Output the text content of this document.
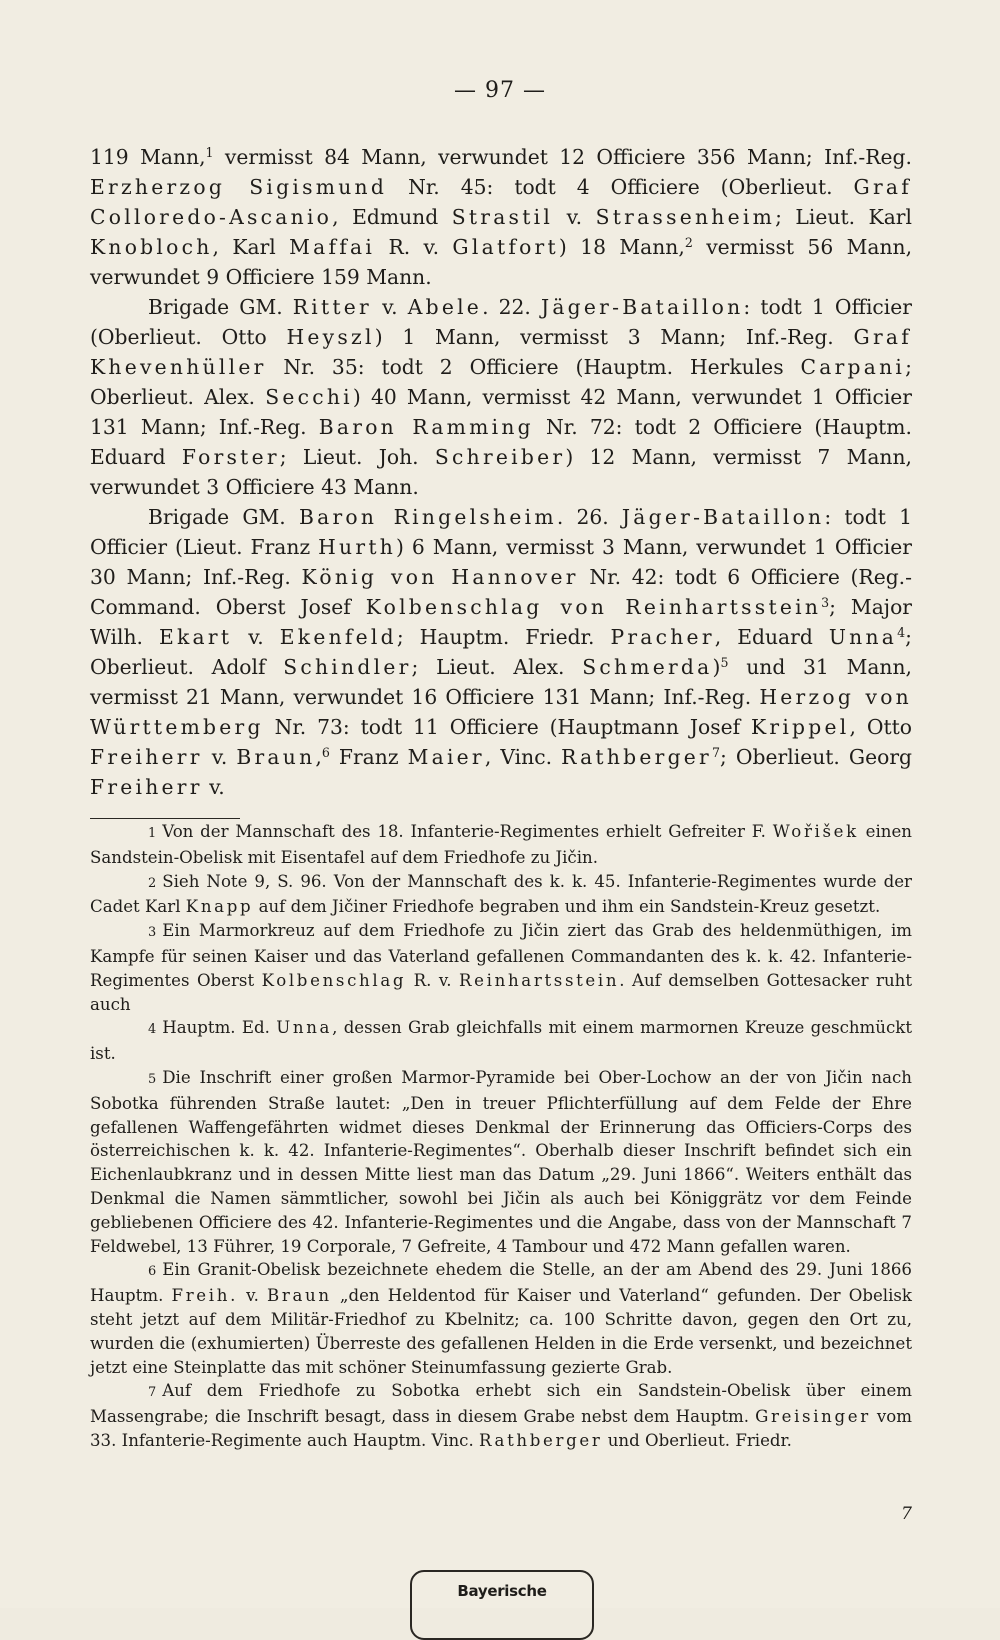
— 97 —

119 Mann,$^1$ vermisst 84 Mann, verwundet 12 Officiere 356 Mann; Inf.-Reg. Erzherzog Sigismund Nr. 45: todt 4 Officiere (Oberlieut. Graf Colloredo-Ascanio, Edmund Strastil v. Strassenheim; Lieut. Karl Knobloch, Karl Maffai R. v. Glatfort) 18 Mann,$^2$ vermisst 56 Mann, verwundet 9 Officiere 159 Mann.

Brigade GM. Ritter v. Abele. 22. Jäger-Bataillon: todt 1 Officier (Oberlieut. Otto Heyszl) 1 Mann, vermisst 3 Mann; Inf.-Reg. Graf Khevenhüller Nr. 35: todt 2 Officiere (Hauptm. Herkules Carpani; Oberlieut. Alex. Secchi) 40 Mann, vermisst 42 Mann, verwundet 1 Officier 131 Mann; Inf.-Reg. Baron Ramming Nr. 72: todt 2 Officiere (Hauptm. Eduard Forster; Lieut. Joh. Schreiber) 12 Mann, vermisst 7 Mann, verwundet 3 Officiere 43 Mann.

Brigade GM. Baron Ringelsheim. 26. Jäger-Bataillon: todt 1 Officier (Lieut. Franz Hurth) 6 Mann, vermisst 3 Mann, verwundet 1 Officier 30 Mann; Inf.-Reg. König von Hannover Nr. 42: todt 6 Officiere (Reg.-Command. Oberst Josef Kolbenschlag von Reinhartsstein$^3$; Major Wilh. Ekart v. Ekenfeld; Hauptm. Friedr. Pracher, Eduard Unna$^4$; Oberlieut. Adolf Schindler; Lieut. Alex. Schmerda)$^5$ und 31 Mann, vermisst 21 Mann, verwundet 16 Officiere 131 Mann; Inf.-Reg. Herzog von Württemberg Nr. 73: todt 11 Officiere (Hauptmann Josef Krippel, Otto Freiherr v. Braun,$^6$ Franz Maier, Vinc. Rathberger$^7$; Oberlieut. Georg Freiherr v.

1 Von der Mannschaft des 18. Infanterie-Regimentes erhielt Gefreiter F. Wořišek einen Sandstein-Obelisk mit Eisentafel auf dem Friedhofe zu Jičin.

2 Sieh Note 9, S. 96. Von der Mannschaft des k. k. 45. Infanterie-Regimentes wurde der Cadet Karl Knapp auf dem Jičiner Friedhofe begraben und ihm ein Sandstein-Kreuz gesetzt.

3 Ein Marmorkreuz auf dem Friedhofe zu Jičin ziert das Grab des heldenmüthigen, im Kampfe für seinen Kaiser und das Vaterland gefallenen Commandanten des k. k. 42. Infanterie-Regimentes Oberst Kolbenschlag R. v. Reinhartsstein. Auf demselben Gottesacker ruht auch

4 Hauptm. Ed. Unna, dessen Grab gleichfalls mit einem marmornen Kreuze geschmückt ist.

5 Die Inschrift einer großen Marmor-Pyramide bei Ober-Lochow an der von Jičin nach Sobotka führenden Straße lautet: „Den in treuer Pflichterfüllung auf dem Felde der Ehre gefallenen Waffengefährten widmet dieses Denkmal der Erinnerung das Officiers-Corps des österreichischen k. k. 42. Infanterie-Regimentes“. Oberhalb dieser Inschrift befindet sich ein Eichenlaubkranz und in dessen Mitte liest man das Datum „29. Juni 1866“. Weiters enthält das Denkmal die Namen sämmtlicher, sowohl bei Jičin als auch bei Königgrätz vor dem Feinde gebliebenen Officiere des 42. Infanterie-Regimentes und die Angabe, dass von der Mannschaft 7 Feldwebel, 13 Führer, 19 Corporale, 7 Gefreite, 4 Tambour und 472 Mann gefallen waren.

6 Ein Granit-Obelisk bezeichnete ehedem die Stelle, an der am Abend des 29. Juni 1866 Hauptm. Freih. v. Braun „den Heldentod für Kaiser und Vaterland“ gefunden. Der Obelisk steht jetzt auf dem Militär-Friedhof zu Kbelnitz; ca. 100 Schritte davon, gegen den Ort zu, wurden die (exhumierten) Überreste des gefallenen Helden in die Erde versenkt, und bezeichnet jetzt eine Steinplatte das mit schöner Steinumfassung gezierte Grab.

7 Auf dem Friedhofe zu Sobotka erhebt sich ein Sandstein-Obelisk über einem Massengrabe; die Inschrift besagt, dass in diesem Grabe nebst dem Hauptm. Greisinger vom 33. Infanterie-Regimente auch Hauptm. Vinc. Rathberger und Oberlieut. Friedr.

7
Bayerische
